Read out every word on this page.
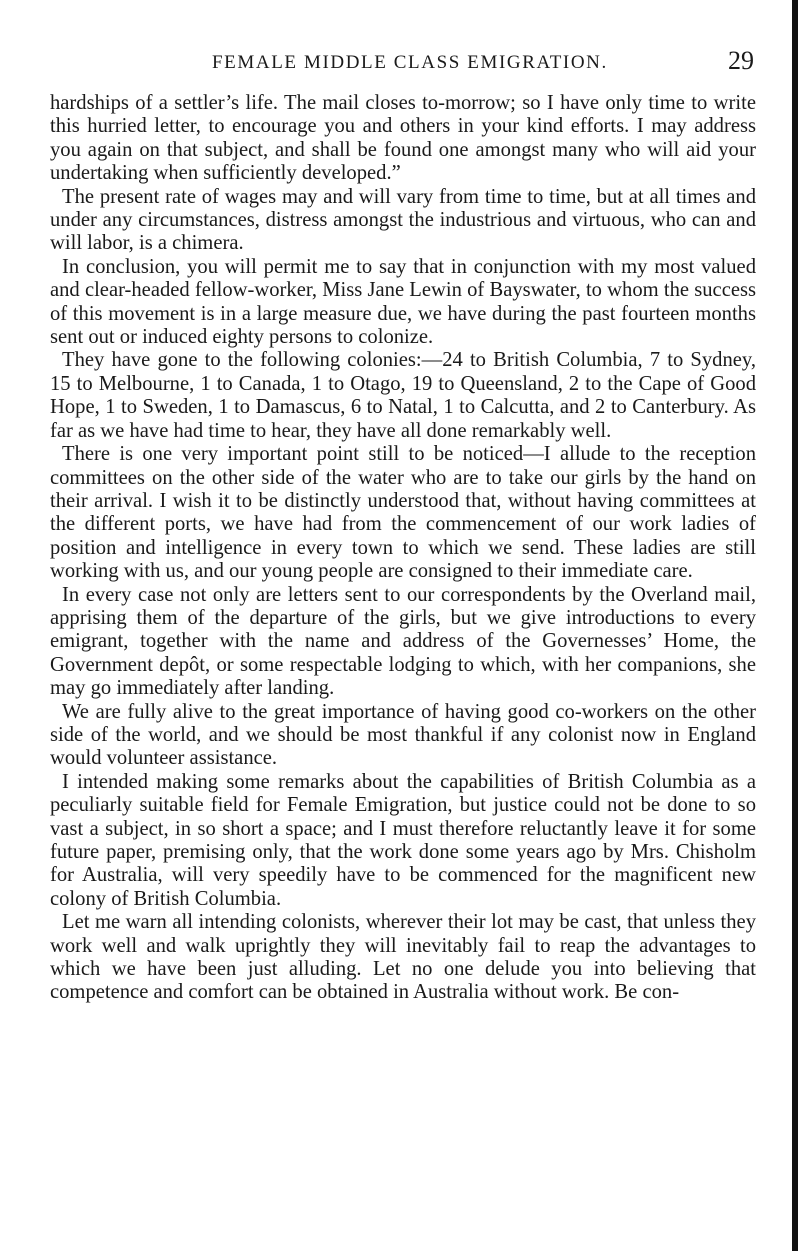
FEMALE MIDDLE CLASS EMIGRATION.	29

hardships of a settler’s life. The mail closes to-morrow; so I have only time to write this hurried letter, to encourage you and others in your kind efforts. I may address you again on that subject, and shall be found one amongst many who will aid your undertaking when sufficiently developed.”

The present rate of wages may and will vary from time to time, but at all times and under any circumstances, distress amongst the industrious and virtuous, who can and will labor, is a chimera.

In conclusion, you will permit me to say that in conjunction with my most valued and clear-headed fellow-worker, Miss Jane Lewin of Bayswater, to whom the success of this movement is in a large measure due, we have during the past fourteen months sent out or induced eighty persons to colonize.

They have gone to the following colonies:—24 to British Columbia, 7 to Sydney, 15 to Melbourne, 1 to Canada, 1 to Otago, 19 to Queensland, 2 to the Cape of Good Hope, 1 to Sweden, 1 to Damascus, 6 to Natal, 1 to Calcutta, and 2 to Canterbury. As far as we have had time to hear, they have all done remarkably well.

There is one very important point still to be noticed—I allude to the reception committees on the other side of the water who are to take our girls by the hand on their arrival. I wish it to be distinctly understood that, without having committees at the different ports, we have had from the commencement of our work ladies of position and intelligence in every town to which we send. These ladies are still working with us, and our young people are consigned to their immediate care.

In every case not only are letters sent to our correspondents by the Overland mail, apprising them of the departure of the girls, but we give introductions to every emigrant, together with the name and address of the Governesses’ Home, the Government depôt, or some respectable lodging to which, with her companions, she may go immediately after landing.

We are fully alive to the great importance of having good co-workers on the other side of the world, and we should be most thankful if any colonist now in England would volunteer assistance.

I intended making some remarks about the capabilities of British Columbia as a peculiarly suitable field for Female Emigration, but justice could not be done to so vast a subject, in so short a space; and I must therefore reluctantly leave it for some future paper, premising only, that the work done some years ago by Mrs. Chisholm for Australia, will very speedily have to be commenced for the magnificent new colony of British Columbia.

Let me warn all intending colonists, wherever their lot may be cast, that unless they work well and walk uprightly they will inevitably fail to reap the advantages to which we have been just alluding. Let no one delude you into believing that competence and comfort can be obtained in Australia without work. Be con-
